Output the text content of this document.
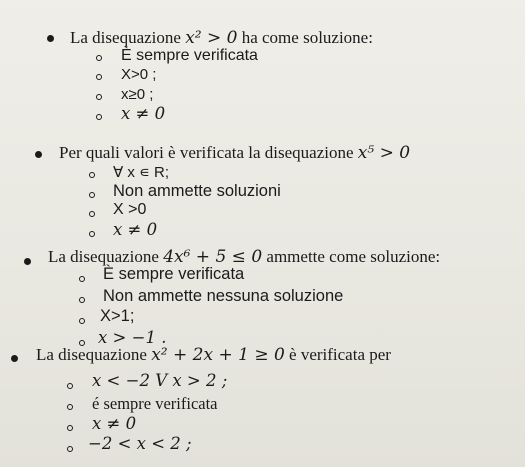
La disequazione x² > 0 ha come soluzione:
È sempre verificata
X>0 ;
x≥0 ;
x ≠ 0
Per quali valori è verificata la disequazione x⁵ > 0
∀ x ∊ R;
Non ammette soluzioni
X >0
x ≠ 0
La disequazione 4x⁶ + 5 ≤ 0 ammette come soluzione:
È sempre verificata
Non ammette nessuna soluzione
X>1;
x > −1 .
La disequazione x² + 2x + 1 ≥ 0 è verificata per
x < −2 V x > 2 ;
é sempre verificata
x ≠ 0
−2 < x < 2 ;
